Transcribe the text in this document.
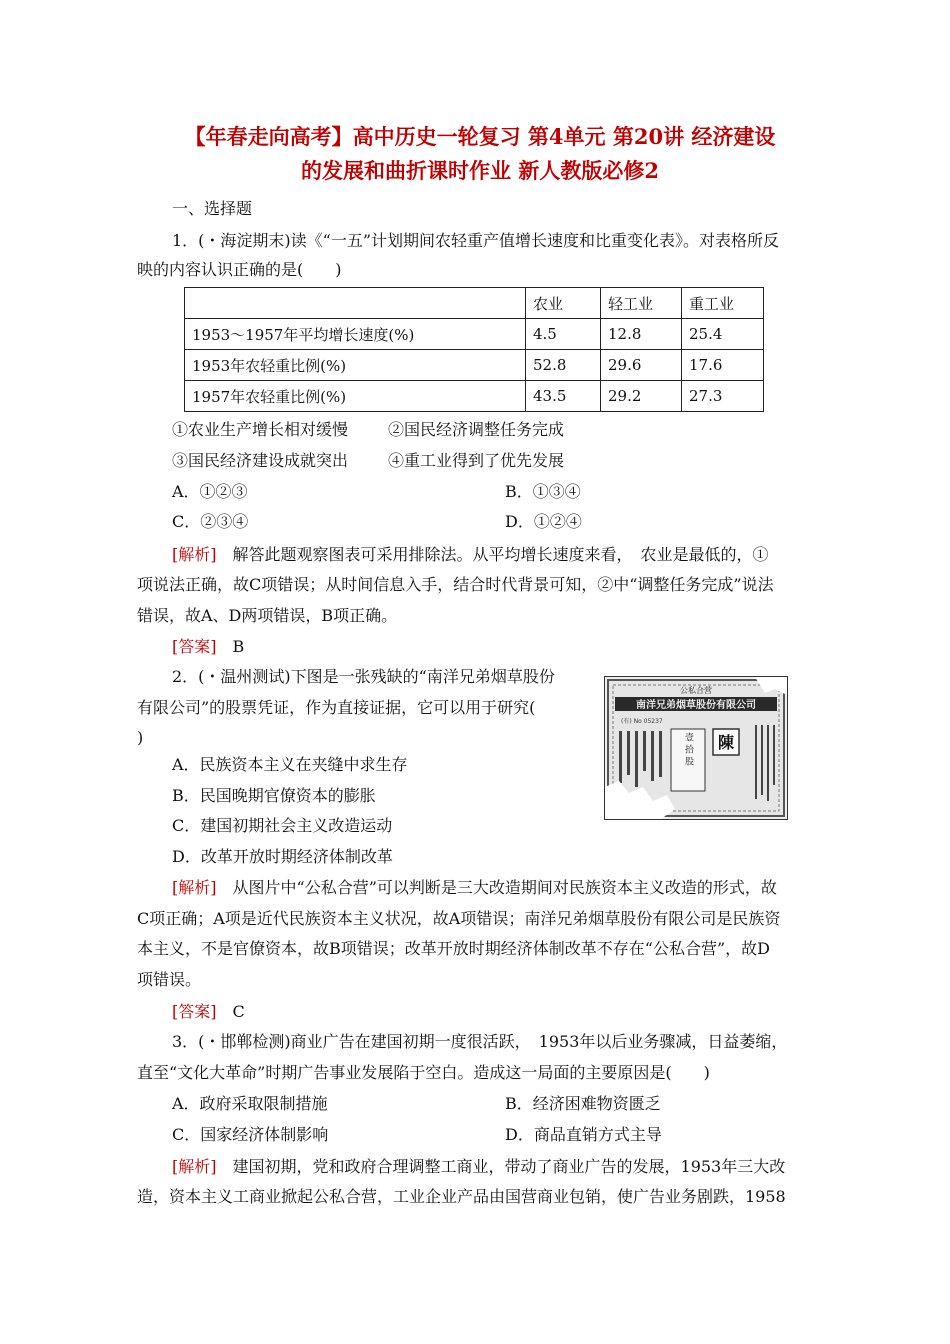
【年春走向高考】高中历史一轮复习 第4单元 第20讲 经济建设
的发展和曲折课时作业 新人教版必修2
一、选择题
1．(・海淀期末)读《“一五”计划期间农轻重产值增长速度和比重变化表》。对表格所反
映的内容认识正确的是(　　)
	农业	轻工业	重工业
1953～1957年平均增长速度(%)	4.5	12.8	25.4
1953年农轻重比例(%)	52.8	29.6	17.6
1957年农轻重比例(%)	43.5	29.2	27.3
①农业生产增长相对缓慢 ②国民经济调整任务完成
③国民经济建设成就突出 ④重工业得到了优先发展
A．①②③	B．①③④
C．②③④	D．①②④
[解析]　 解答此题观察图表可采用排除法。从平均增长速度来看，　农业是最低的，①
项说法正确，故C项错误；从时间信息入手，结合时代背景可知，②中“调整任务完成”说法
错误，故A、D两项错误，B项正确。
[答案]　 B
2．(・温州测试)下图是一张残缺的“南洋兄弟烟草股份
有限公司”的股票凭证，作为直接证据，它可以用于研究(
)
A．民族资本主义在夹缝中求生存
B．民国晚期官僚资本的膨胀
C．建国初期社会主义改造运动
D．改革开放时期经济体制改革
公私合营
南洋兄弟烟草股份有限公司
(有) No 05237
壹 拾 股 陳
[解析]　 从图片中“公私合营”可以判断是三大改造期间对民族资本主义改造的形式，故
C项正确；A项是近代民族资本主义状况，故A项错误；南洋兄弟烟草股份有限公司是民族资
本主义，不是官僚资本，故B项错误；改革开放时期经济体制改革不存在“公私合营”，故D
项错误。
[答案]　 C
3．(・邯郸检测)商业广告在建国初期一度很活跃，　1953年以后业务骤减，日益萎缩，
直至“文化大革命”时期广告事业发展陷于空白。造成这一局面的主要原因是(　　)
A．政府采取限制措施	B．经济困难物资匮乏
C．国家经济体制影响	D．商品直销方式主导
[解析]　 建国初期，党和政府合理调整工商业，带动了商业广告的发展，1953年三大改
造，资本主义工商业掀起公私合营，工业企业产品由国营商业包销，使广告业务剧跌，1958
